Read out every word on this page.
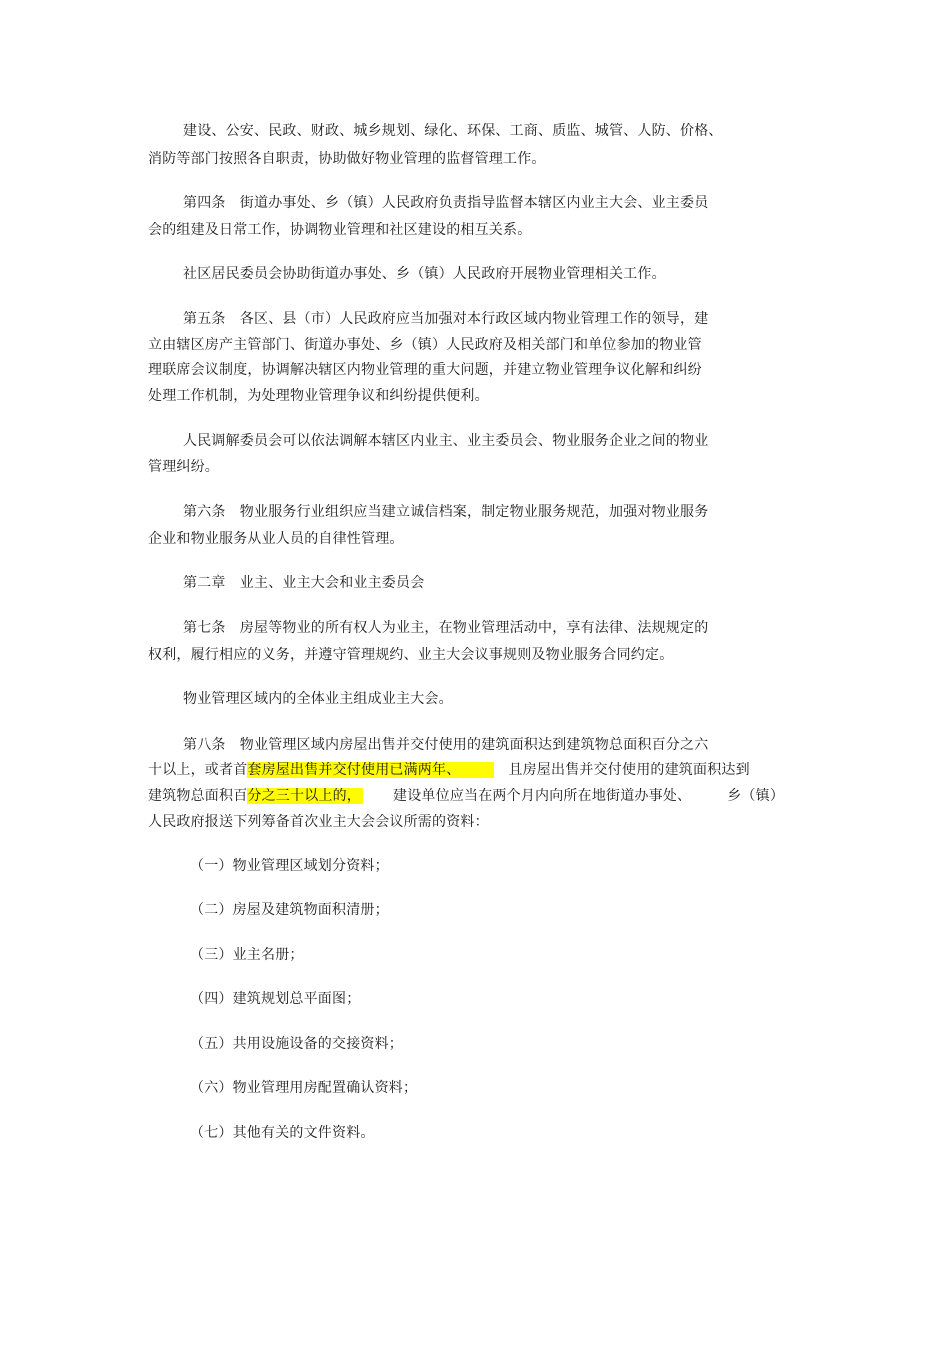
建设、公安、民政、财政、城乡规划、绿化、环保、工商、质监、城管、人防、价格、
消防等部门按照各自职责，协助做好物业管理的监督管理工作。
第四条　街道办事处、乡（镇）人民政府负责指导监督本辖区内业主大会、业主委员
会的组建及日常工作，协调物业管理和社区建设的相互关系。
社区居民委员会协助街道办事处、乡（镇）人民政府开展物业管理相关工作。
第五条　各区、县（市）人民政府应当加强对本行政区域内物业管理工作的领导，建
立由辖区房产主管部门、街道办事处、乡（镇）人民政府及相关部门和单位参加的物业管
理联席会议制度，协调解决辖区内物业管理的重大问题，并建立物业管理争议化解和纠纷
处理工作机制，为处理物业管理争议和纠纷提供便利。
人民调解委员会可以依法调解本辖区内业主、业主委员会、物业服务企业之间的物业
管理纠纷。
第六条　物业服务行业组织应当建立诚信档案，制定物业服务规范，加强对物业服务
企业和物业服务从业人员的自律性管理。
第二章　业主、业主大会和业主委员会
第七条　房屋等物业的所有权人为业主，在物业管理活动中，享有法律、法规规定的
权利，履行相应的义务，并遵守管理规约、业主大会议事规则及物业服务合同约定。
物业管理区域内的全体业主组成业主大会。
第八条　物业管理区域内房屋出售并交付使用的建筑面积达到建筑物总面积百分之六
十以上，或者首套房屋出售并交付使用已满两年、	且房屋出售并交付使用的建筑面积达到
建筑物总面积百分之三十以上的， 建设单位应当在两个月内向所在地街道办事处、	乡（镇）
人民政府报送下列筹备首次业主大会会议所需的资料：
（一）物业管理区域划分资料；
（二）房屋及建筑物面积清册；
（三）业主名册；
（四）建筑规划总平面图；
（五）共用设施设备的交接资料；
（六）物业管理用房配置确认资料；
（七）其他有关的文件资料。
